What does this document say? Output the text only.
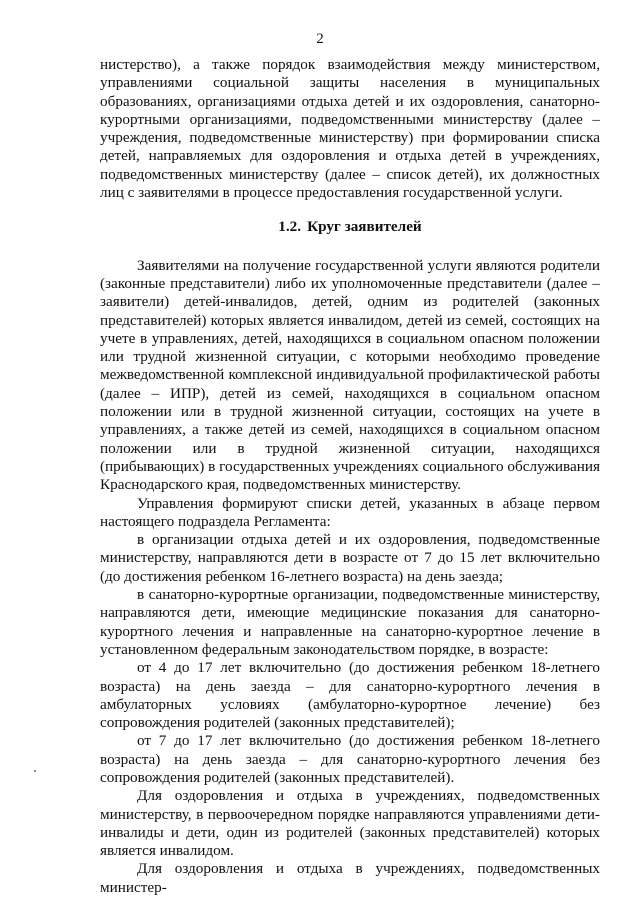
2

нистерство), а также порядок взаимодействия между министерством, управлениями социальной защиты населения в муниципальных образованиях, организациями отдыха детей и их оздоровления, санаторно-курортными организациями, подведомственными министерству (далее – учреждения, подведомственные министерству) при формировании списка детей, направляемых для оздоровления и отдыха детей в учреждениях, подведомственных министерству (далее – список детей), их должностных лиц с заявителями в процессе предоставления государственной услуги.

1.2. Круг заявителей

Заявителями на получение государственной услуги являются родители (законные представители) либо их уполномоченные представители (далее – заявители) детей-инвалидов, детей, одним из родителей (законных представителей) которых является инвалидом, детей из семей, состоящих на учете в управлениях, детей, находящихся в социальном опасном положении или трудной жизненной ситуации, с которыми необходимо проведение межведомственной комплексной индивидуальной профилактической работы (далее – ИПР), детей из семей, находящихся в социальном опасном положении или в трудной жизненной ситуации, состоящих на учете в управлениях, а также детей из семей, находящихся в социальном опасном положении или в трудной жизненной ситуации, находящихся (прибывающих) в государственных учреждениях социального обслуживания Краснодарского края, подведомственных министерству.

Управления формируют списки детей, указанных в абзаце первом настоящего подраздела Регламента:

в организации отдыха детей и их оздоровления, подведомственные министерству, направляются дети в возрасте от 7 до 15 лет включительно (до достижения ребенком 16-летнего возраста) на день заезда;

в санаторно-курортные организации, подведомственные министерству, направляются дети, имеющие медицинские показания для санаторно-курортного лечения и направленные на санаторно-курортное лечение в установленном федеральным законодательством порядке, в возрасте:

от 4 до 17 лет включительно (до достижения ребенком 18-летнего возраста) на день заезда – для санаторно-курортного лечения в амбулаторных условиях (амбулаторно-курортное лечение) без сопровождения родителей (законных представителей);

от 7 до 17 лет включительно (до достижения ребенком 18-летнего возраста) на день заезда – для санаторно-курортного лечения без сопровождения родителей (законных представителей).

Для оздоровления и отдыха в учреждениях, подведомственных министерству, в первоочередном порядке направляются управлениями дети-инвалиды и дети, один из родителей (законных представителей) которых является инвалидом.

Для оздоровления и отдыха в учреждениях, подведомственных министер-
